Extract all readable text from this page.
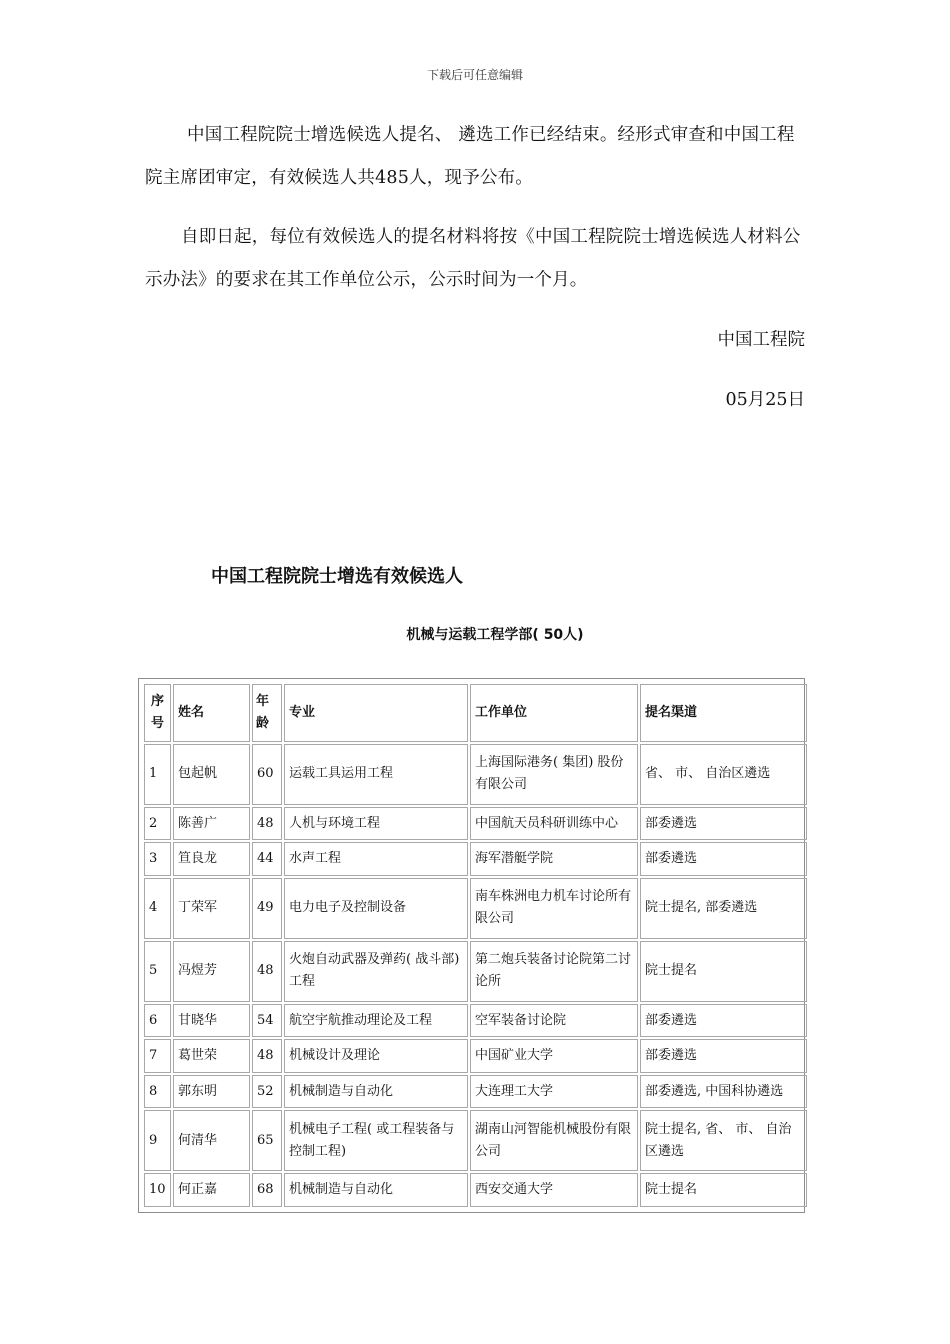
下载后可任意编辑
中国工程院院士增选候选人提名、 遴选工作已经结束。经形式审查和中国工程院主席团审定，有效候选人共485人，现予公布。
自即日起，每位有效候选人的提名材料将按《中国工程院院士增选候选人材料公示办法》的要求在其工作单位公示，公示时间为一个月。
中国工程院
05月25日
中国工程院院士增选有效候选人
机械与运载工程学部( 50人)
序号	姓名	年龄	专业	工作单位	提名渠道
1	包起帆	60	运载工具运用工程	上海国际港务( 集团) 股份有限公司	省、 市、 自治区遴选
2	陈善广	48	人机与环境工程	中国航天员科研训练中心	部委遴选
3	笪良龙	44	水声工程	海军潜艇学院	部委遴选
4	丁荣军	49	电力电子及控制设备	南车株洲电力机车讨论所有限公司	院士提名, 部委遴选
5	冯煜芳	48	火炮自动武器及弹药( 战斗部) 工程	第二炮兵装备讨论院第二讨论所	院士提名
6	甘晓华	54	航空宇航推动理论及工程	空军装备讨论院	部委遴选
7	葛世荣	48	机械设计及理论	中国矿业大学	部委遴选
8	郭东明	52	机械制造与自动化	大连理工大学	部委遴选, 中国科协遴选
9	何清华	65	机械电子工程( 或工程装备与控制工程)	湖南山河智能机械股份有限公司	院士提名, 省、 市、 自治区遴选
10	何正嘉	68	机械制造与自动化	西安交通大学	院士提名
